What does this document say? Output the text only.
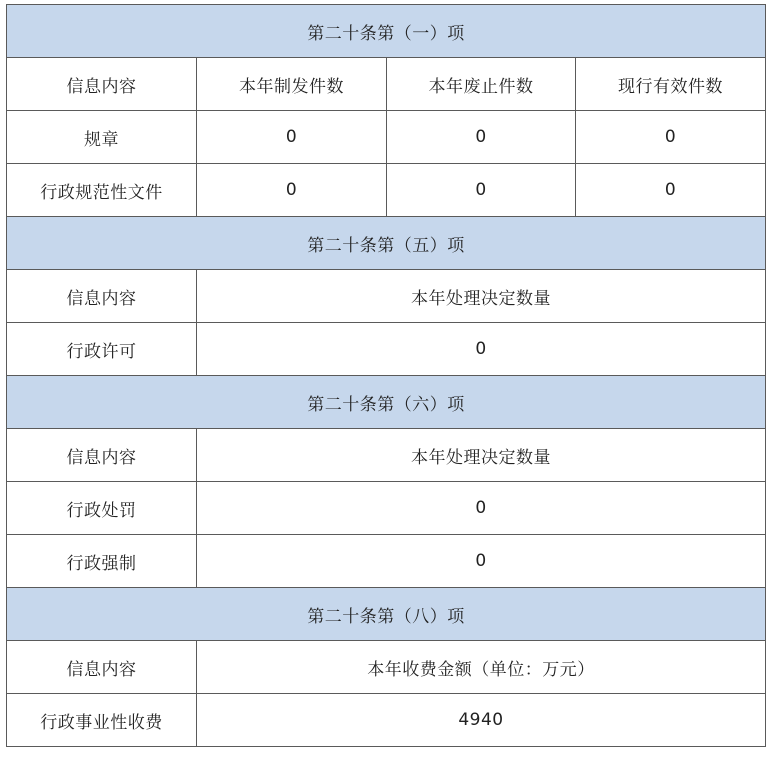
第二十条第（一）项			
信息内容	本年制发件数	本年废止件数	现行有效件数
规章	0	0	0
行政规范性文件	0	0	0
第二十条第（五）项			
信息内容	本年处理决定数量		
行政许可	0		
第二十条第（六）项			
信息内容	本年处理决定数量		
行政处罚	0		
行政强制	0		
第二十条第（八）项			
信息内容	本年收费金额（单位：万元）		
行政事业性收费	4940		
